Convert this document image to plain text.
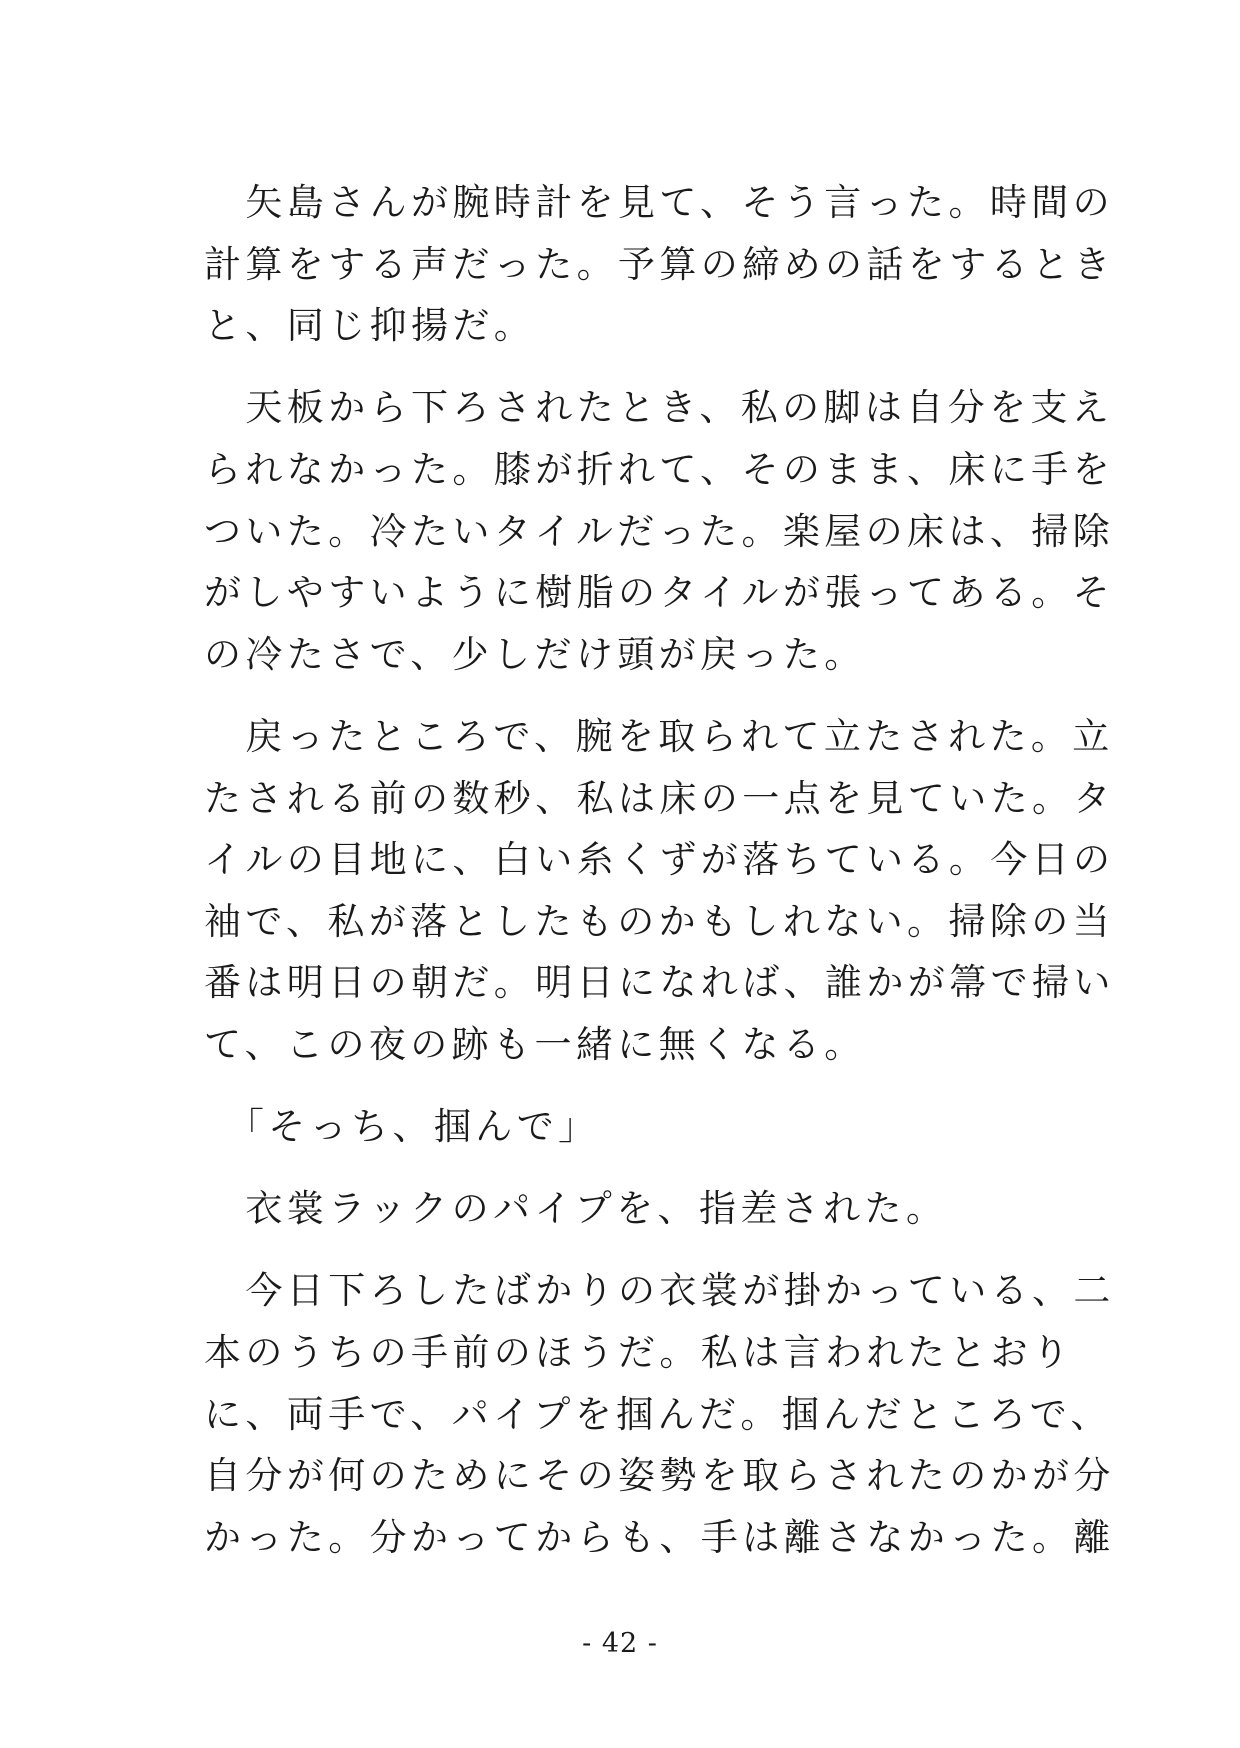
　矢島さんが腕時計を見て、そう言った。時間の
計算をする声だった。予算の締めの話をするとき
と、同じ抑揚だ。
　天板から下ろされたとき、私の脚は自分を支え
られなかった。膝が折れて、そのまま、床に手を
ついた。冷たいタイルだった。楽屋の床は、掃除
がしやすいように樹脂のタイルが張ってある。そ
の冷たさで、少しだけ頭が戻った。
　戻ったところで、腕を取られて立たされた。立
たされる前の数秒、私は床の一点を見ていた。タ
イルの目地に、白い糸くずが落ちている。今日の
袖で、私が落としたものかもしれない。掃除の当
番は明日の朝だ。明日になれば、誰かが箒で掃い
て、この夜の跡も一緒に無くなる。
　「そっち、掴んで」
　衣裳ラックのパイプを、指差された。
　今日下ろしたばかりの衣裳が掛かっている、二
本のうちの手前のほうだ。私は言われたとおり
に、両手で、パイプを掴んだ。掴んだところで、
自分が何のためにその姿勢を取らされたのかが分
かった。分かってからも、手は離さなかった。離
- 42 -
